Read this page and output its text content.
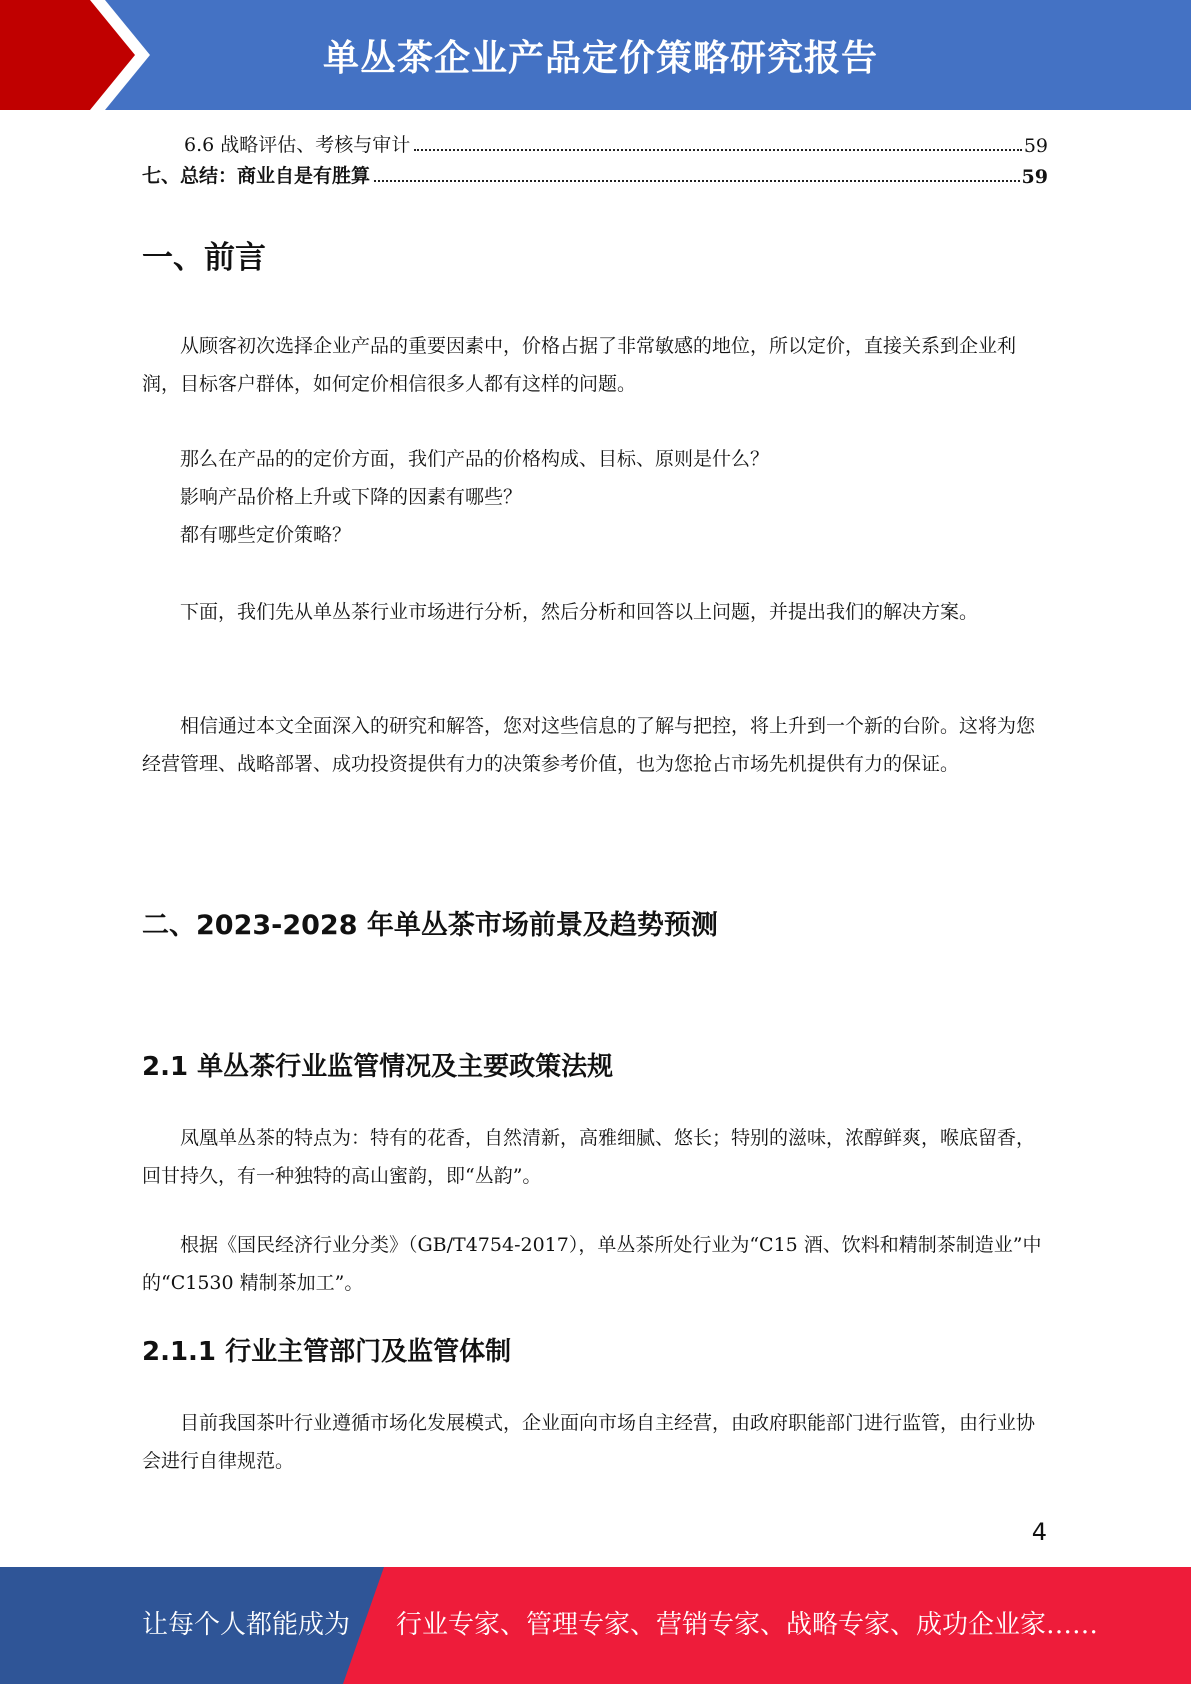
单丛茶企业产品定价策略研究报告
6.6 战略评估、考核与审计	59
七、总结：商业自是有胜算	59
一、前言

从顾客初次选择企业产品的重要因素中，价格占据了非常敏感的地位，所以定价，直接关系到企业利润，目标客户群体，如何定价相信很多人都有这样的问题。

那么在产品的的定价方面，我们产品的价格构成、目标、原则是什么？

影响产品价格上升或下降的因素有哪些？

都有哪些定价策略？

下面，我们先从单丛茶行业市场进行分析，然后分析和回答以上问题，并提出我们的解决方案。

相信通过本文全面深入的研究和解答，您对这些信息的了解与把控，将上升到一个新的台阶。这将为您经营管理、战略部署、成功投资提供有力的决策参考价值，也为您抢占市场先机提供有力的保证。

二、2023-2028 年单丛茶市场前景及趋势预测
2.1 单丛茶行业监管情况及主要政策法规

凤凰单丛茶的特点为：特有的花香，自然清新，高雅细腻、悠长；特别的滋味，浓醇鲜爽，喉底留香，回甘持久，有一种独特的高山蜜韵，即“丛韵”。

根据《国民经济行业分类》（GB/T4754-2017），单丛茶所处行业为“C15 酒、饮料和精制茶制造业”中的“C1530 精制茶加工”。

2.1.1 行业主管部门及监管体制

目前我国茶叶行业遵循市场化发展模式，企业面向市场自主经营，由政府职能部门进行监管，由行业协会进行自律规范。

4
让每个人都能成为 行业专家、管理专家、营销专家、战略专家、成功企业家……
